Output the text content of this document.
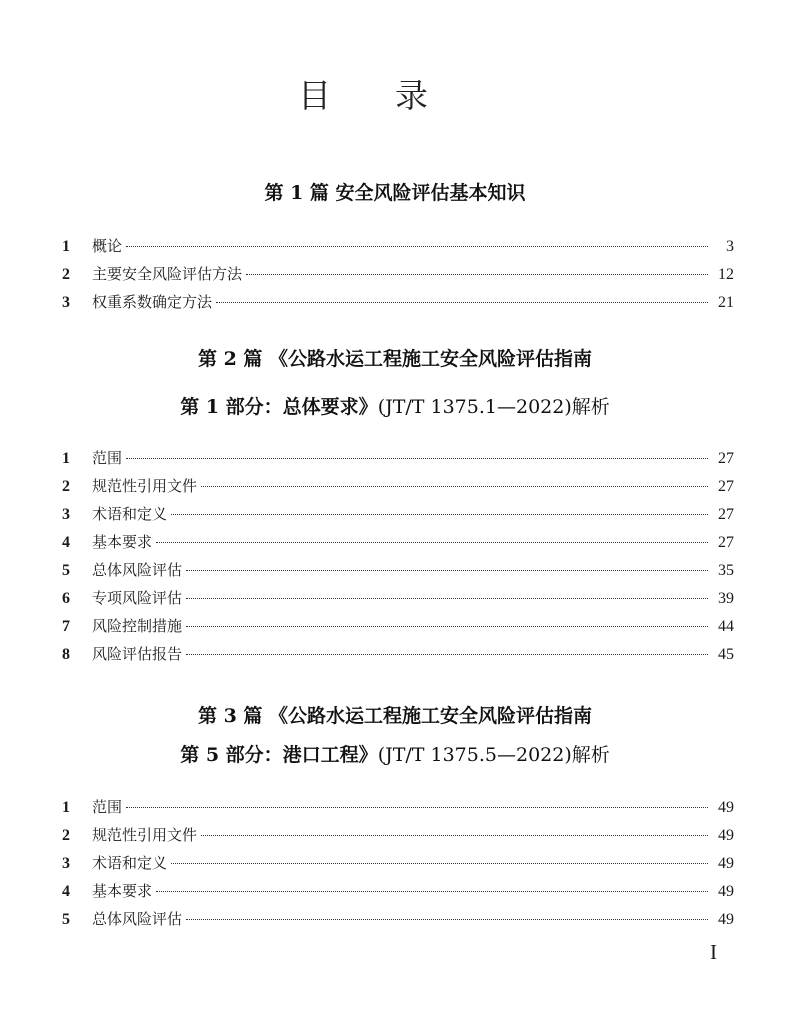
目录
第 1 篇 安全风险评估基本知识
1	概论	3
2	主要安全风险评估方法	12
3	权重系数确定方法	21
第 2 篇 《公路水运工程施工安全风险评估指南
第 1 部分：总体要求》(JT/T 1375.1—2022)解析
1	范围	27
2	规范性引用文件	27
3	术语和定义	27
4	基本要求	27
5	总体风险评估	35
6	专项风险评估	39
7	风险控制措施	44
8	风险评估报告	45
第 3 篇 《公路水运工程施工安全风险评估指南
第 5 部分：港口工程》(JT/T 1375.5—2022)解析
1	范围	49
2	规范性引用文件	49
3	术语和定义	49
4	基本要求	49
5	总体风险评估	49
I
